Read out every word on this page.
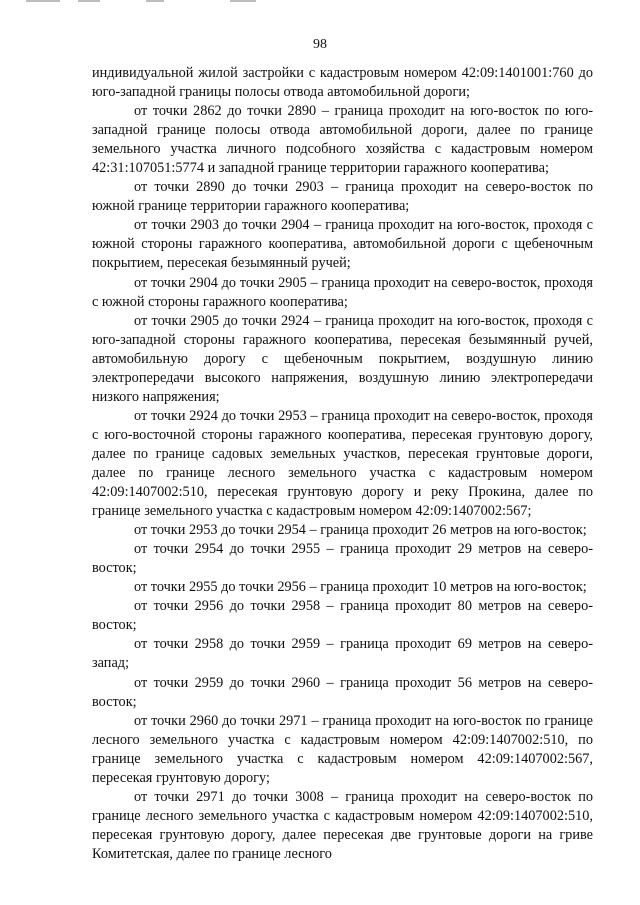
98

индивидуальной жилой застройки с кадастровым номером 42:09:1401001:760 до юго-западной границы полосы отвода автомобильной дороги;

от точки 2862 до точки 2890 – граница проходит на юго-восток по юго-западной границе полосы отвода автомобильной дороги, далее по границе земельного участка личного подсобного хозяйства с кадастровым номером 42:31:107051:5774 и западной границе территории гаражного кооператива;

от точки 2890 до точки 2903 – граница проходит на северо-восток по южной границе территории гаражного кооператива;

от точки 2903 до точки 2904 – граница проходит на юго-восток, проходя с южной стороны гаражного кооператива, автомобильной дороги с щебеночным покрытием, пересекая безымянный ручей;

от точки 2904 до точки 2905 – граница проходит на северо-восток, проходя с южной стороны гаражного кооператива;

от точки 2905 до точки 2924 – граница проходит на юго-восток, проходя с юго-западной стороны гаражного кооператива, пересекая безымянный ручей, автомобильную дорогу с щебеночным покрытием, воздушную линию электропередачи высокого напряжения, воздушную линию электропередачи низкого напряжения;

от точки 2924 до точки 2953 – граница проходит на северо-восток, проходя с юго-восточной стороны гаражного кооператива, пересекая грунтовую дорогу, далее по границе садовых земельных участков, пересекая грунтовые дороги, далее по границе лесного земельного участка с кадастровым номером 42:09:1407002:510, пересекая грунтовую дорогу и реку Прокина, далее по границе земельного участка с кадастровым номером 42:09:1407002:567;

от точки 2953 до точки 2954 – граница проходит 26 метров на юго-восток;

от точки 2954 до точки 2955 – граница проходит 29 метров на северо-восток;

от точки 2955 до точки 2956 – граница проходит 10 метров на юго-восток;

от точки 2956 до точки 2958 – граница проходит 80 метров на северо-восток;

от точки 2958 до точки 2959 – граница проходит 69 метров на северо-запад;

от точки 2959 до точки 2960 – граница проходит 56 метров на северо-восток;

от точки 2960 до точки 2971 – граница проходит на юго-восток по границе лесного земельного участка с кадастровым номером 42:09:1407002:510, по границе земельного участка с кадастровым номером 42:09:1407002:567, пересекая грунтовую дорогу;

от точки 2971 до точки 3008 – граница проходит на северо-восток по границе лесного земельного участка с кадастровым номером 42:09:1407002:510, пересекая грунтовую дорогу, далее пересекая две грунтовые дороги на гриве Комитетская, далее по границе лесного
